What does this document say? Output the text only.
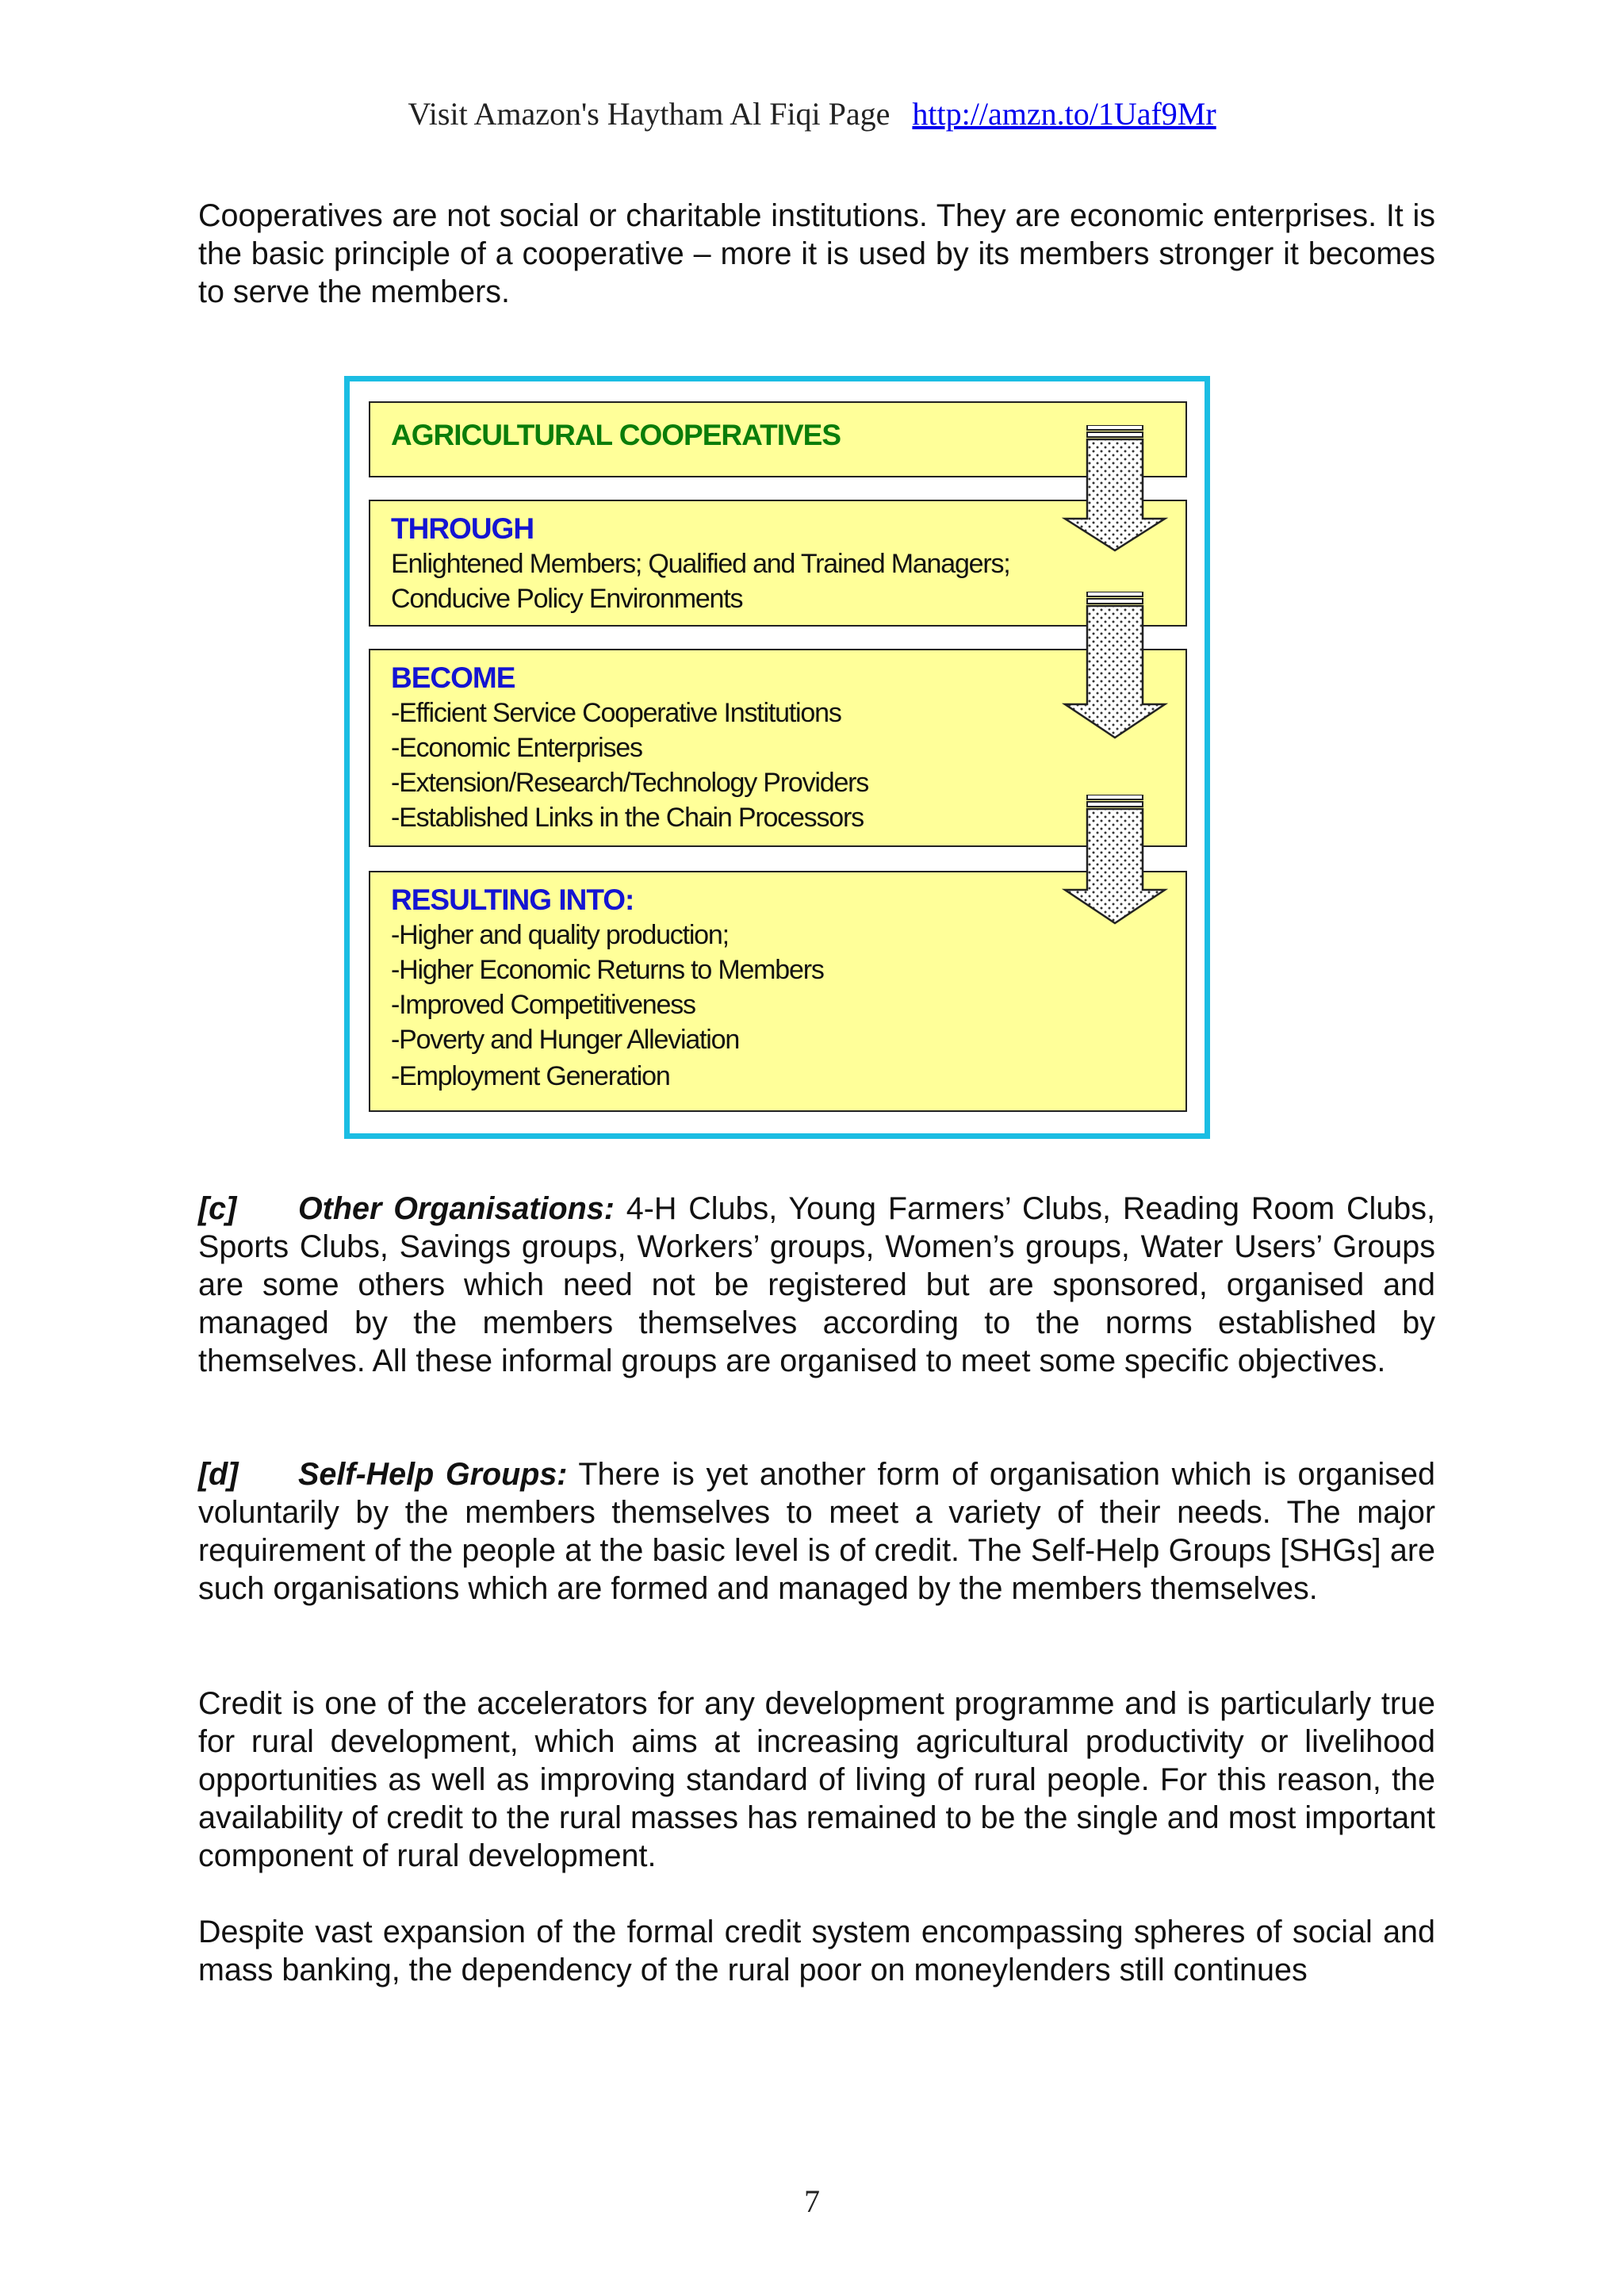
Visit Amazon's Haytham Al Fiqi Page http://amzn.to/1Uaf9Mr

Cooperatives are not social or charitable institutions. They are economic enterprises. It is the basic principle of a cooperative – more it is used by its members stronger it becomes to serve the members.

AGRICULTURAL COOPERATIVES
THROUGH
Enlightened Members; Qualified and Trained Managers;
Conducive Policy Environments
BECOME
-Efficient Service Cooperative Institutions
-Economic Enterprises
-Extension/Research/Technology Providers
-Established Links in the Chain Processors
RESULTING INTO:
-Higher and quality production;
-Higher Economic Returns to Members
-Improved Competitiveness
-Poverty and Hunger Alleviation
-Employment Generation

[c] Other Organisations: 4-H Clubs, Young Farmers’ Clubs, Reading Room Clubs, Sports Clubs, Savings groups, Workers’ groups, Women’s groups, Water Users’ Groups are some others which need not be registered but are sponsored, organised and managed by the members themselves according to the norms established by themselves. All these informal groups are organised to meet some specific objectives.

[d] Self-Help Groups: There is yet another form of organisation which is organised voluntarily by the members themselves to meet a variety of their needs. The major requirement of the people at the basic level is of credit. The Self-Help Groups [SHGs] are such organisations which are formed and managed by the members themselves.

Credit is one of the accelerators for any development programme and is particularly true for rural development, which aims at increasing agricultural productivity or livelihood opportunities as well as improving standard of living of rural people. For this reason, the availability of credit to the rural masses has remained to be the single and most important component of rural development.

Despite vast expansion of the formal credit system encompassing spheres of social and mass banking, the dependency of the rural poor on moneylenders still continues

7
